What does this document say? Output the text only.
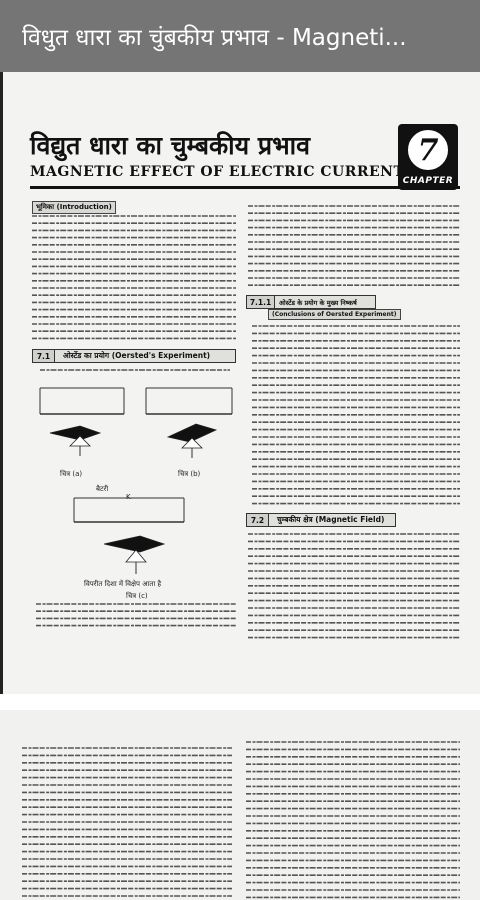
विधुत धारा का चुंबकीय प्रभाव - Magneti...
7
CHAPTER
विद्युत धारा का चुम्बकीय प्रभाव
MAGNETIC EFFECT OF ELECTRIC CURRENT
भूमिका (Introduction)
7.1	ओर्स्टेड का प्रयोग (Oersted's Experiment)
7.1.1	ओर्स्टेड के प्रयोग के मुख्य निष्कर्ष
(Conclusions of Oersted Experiment)
7.2	चुम्बकीय क्षेत्र (Magnetic Field)
चित्र (a)	चित्र (b)
बैटरी
K
विपरीत दिशा में विक्षेप आता है
चित्र (c)
